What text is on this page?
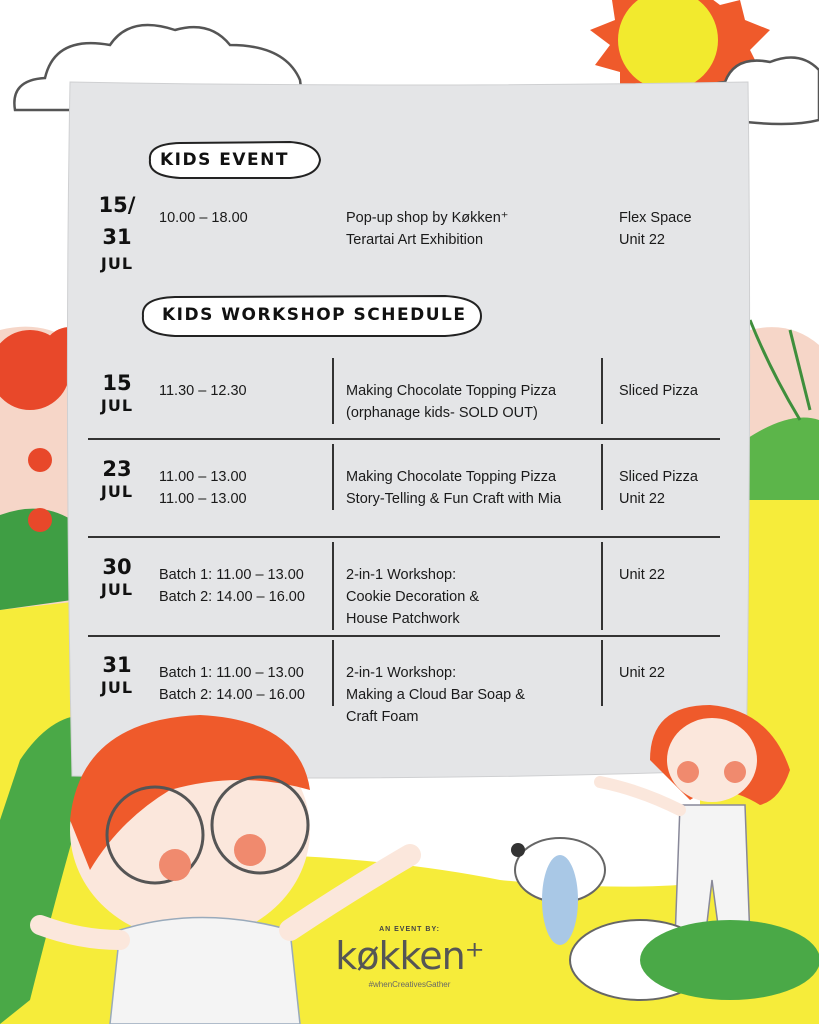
KIDS EVENT
15/
31
JUL
10.00 – 18.00	Pop-up shop by Køkken⁺
Terartai Art Exhibition
Flex Space
Unit 22
KIDS WORKSHOP SCHEDULE
15
JUL
11.30 – 12.30	Making Chocolate Topping Pizza
(orphanage kids- SOLD OUT)
Sliced Pizza
23
JUL
11.00 – 13.00
11.00 – 13.00
Making Chocolate Topping Pizza
Story-Telling & Fun Craft with Mia
Sliced Pizza
Unit 22
30
JUL
Batch 1: 11.00 – 13.00
Batch 2: 14.00 – 16.00
2-in-1 Workshop:
Cookie Decoration &
House Patchwork
Unit 22
31
JUL
Batch 1: 11.00 – 13.00
Batch 2: 14.00 – 16.00
2-in-1 Workshop:
Making a Cloud Bar Soap &
Craft Foam
Unit 22
AN EVENT BY:
køkken⁺
#whenCreativesGather
